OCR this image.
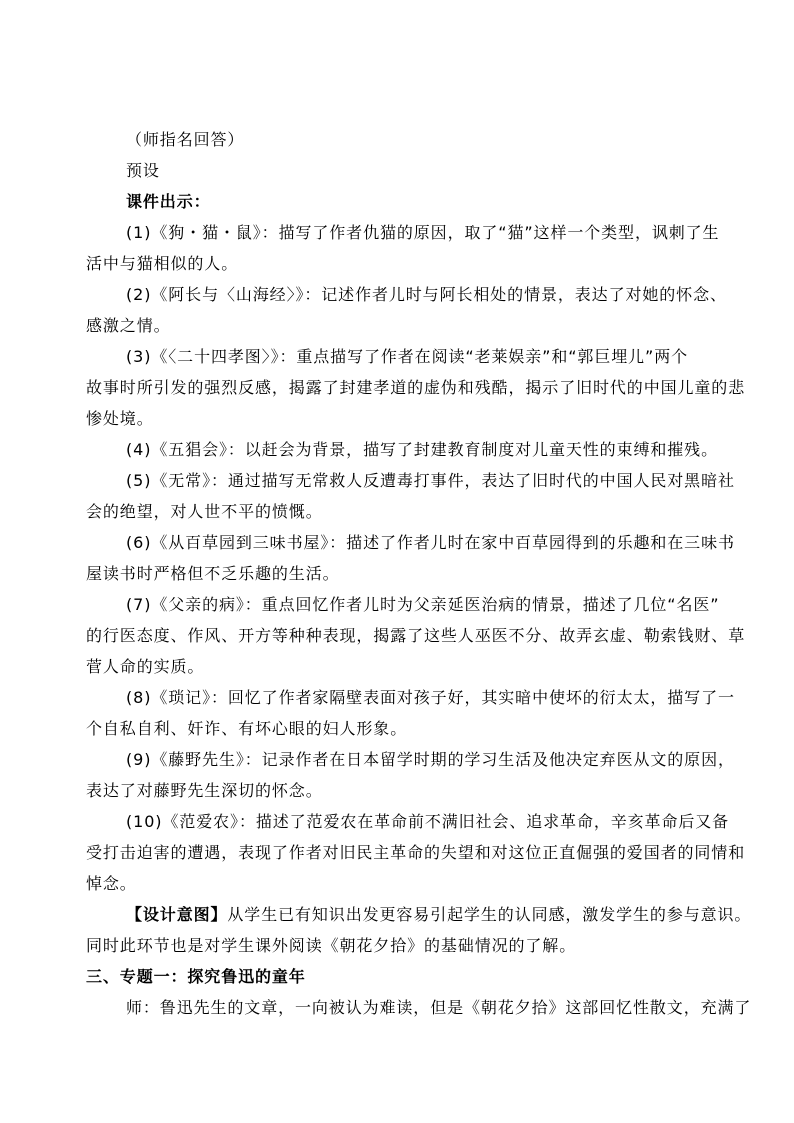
（师指名回答）
预设
课件出示：
(1)《狗・猫・鼠》：描写了作者仇猫的原因，取了“猫”这样一个类型，讽刺了生
活中与猫相似的人。
(2)《阿长与〈山海经〉》：记述作者儿时与阿长相处的情景，表达了对她的怀念、
感激之情。
(3)《〈二十四孝图〉》：重点描写了作者在阅读“老莱娱亲”和“郭巨埋儿”两个
故事时所引发的强烈反感，揭露了封建孝道的虚伪和残酷，揭示了旧时代的中国儿童的悲
惨处境。
(4)《五猖会》：以赶会为背景，描写了封建教育制度对儿童天性的束缚和摧残。
(5)《无常》：通过描写无常救人反遭毒打事件，表达了旧时代的中国人民对黑暗社
会的绝望，对人世不平的愤慨。
(6)《从百草园到三味书屋》：描述了作者儿时在家中百草园得到的乐趣和在三味书
屋读书时严格但不乏乐趣的生活。
(7)《父亲的病》：重点回忆作者儿时为父亲延医治病的情景，描述了几位“名医”
的行医态度、作风、开方等种种表现，揭露了这些人巫医不分、故弄玄虚、勒索钱财、草
菅人命的实质。
(8)《琐记》：回忆了作者家隔壁表面对孩子好，其实暗中使坏的衍太太，描写了一
个自私自利、奸诈、有坏心眼的妇人形象。
(9)《藤野先生》：记录作者在日本留学时期的学习生活及他决定弃医从文的原因，
表达了对藤野先生深切的怀念。
(10)《范爱农》：描述了范爱农在革命前不满旧社会、追求革命，辛亥革命后又备
受打击迫害的遭遇，表现了作者对旧民主革命的失望和对这位正直倔强的爱国者的同情和
悼念。
【设计意图】从学生已有知识出发更容易引起学生的认同感，激发学生的参与意识。
同时此环节也是对学生课外阅读《朝花夕拾》的基础情况的了解。
三、专题一：探究鲁迅的童年
师：鲁迅先生的文章，一向被认为难读，但是《朝花夕拾》这部回忆性散文，充满了
